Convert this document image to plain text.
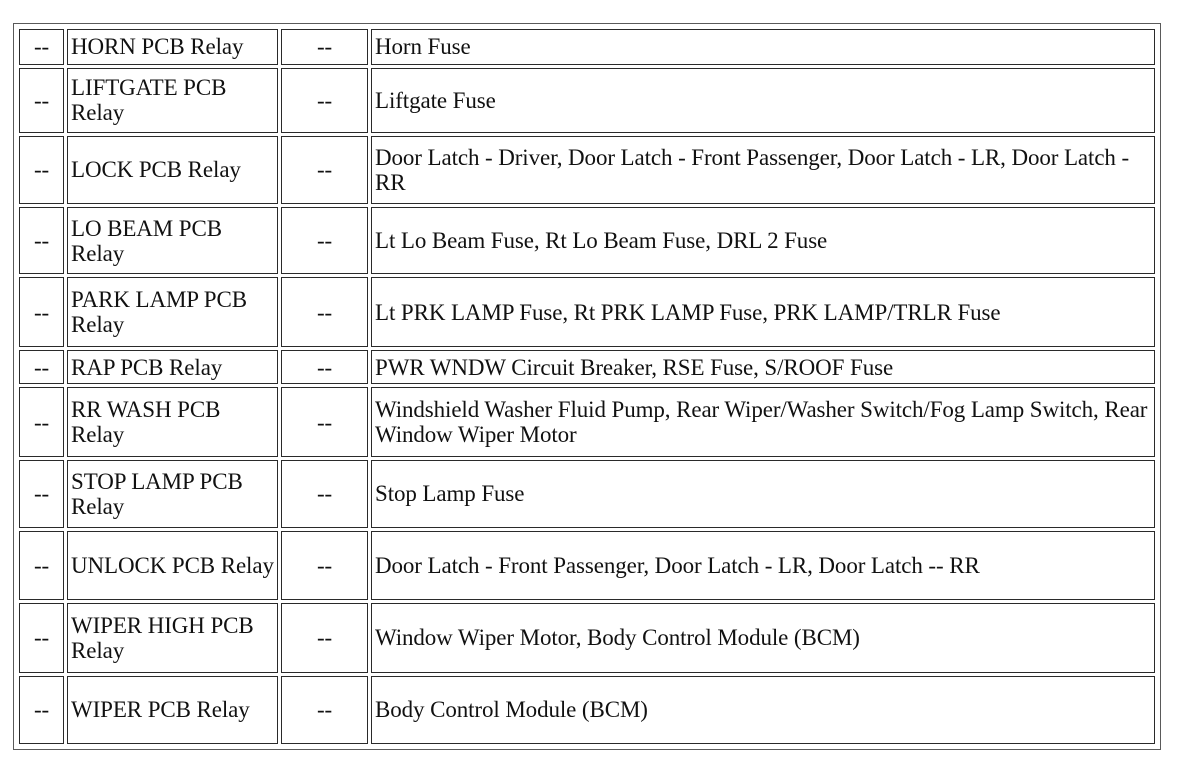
--	HORN PCB Relay	--	Horn Fuse
--	LIFTGATE PCB Relay	--	Liftgate Fuse
--	LOCK PCB Relay	--	Door Latch - Driver, Door Latch - Front Passenger, Door Latch - LR, Door Latch - RR
--	LO BEAM PCB Relay	--	Lt Lo Beam Fuse, Rt Lo Beam Fuse, DRL 2 Fuse
--	PARK LAMP PCB Relay	--	Lt PRK LAMP Fuse, Rt PRK LAMP Fuse, PRK LAMP/TRLR Fuse
--	RAP PCB Relay	--	PWR WNDW Circuit Breaker, RSE Fuse, S/ROOF Fuse
--	RR WASH PCB Relay	--	Windshield Washer Fluid Pump, Rear Wiper/Washer Switch/Fog Lamp Switch, Rear Window Wiper Motor
--	STOP LAMP PCB Relay	--	Stop Lamp Fuse
--	UNLOCK PCB Relay	--	Door Latch - Front Passenger, Door Latch - LR, Door Latch -- RR
--	WIPER HIGH PCB Relay	--	Window Wiper Motor, Body Control Module (BCM)
--	WIPER PCB Relay	--	Body Control Module (BCM)
